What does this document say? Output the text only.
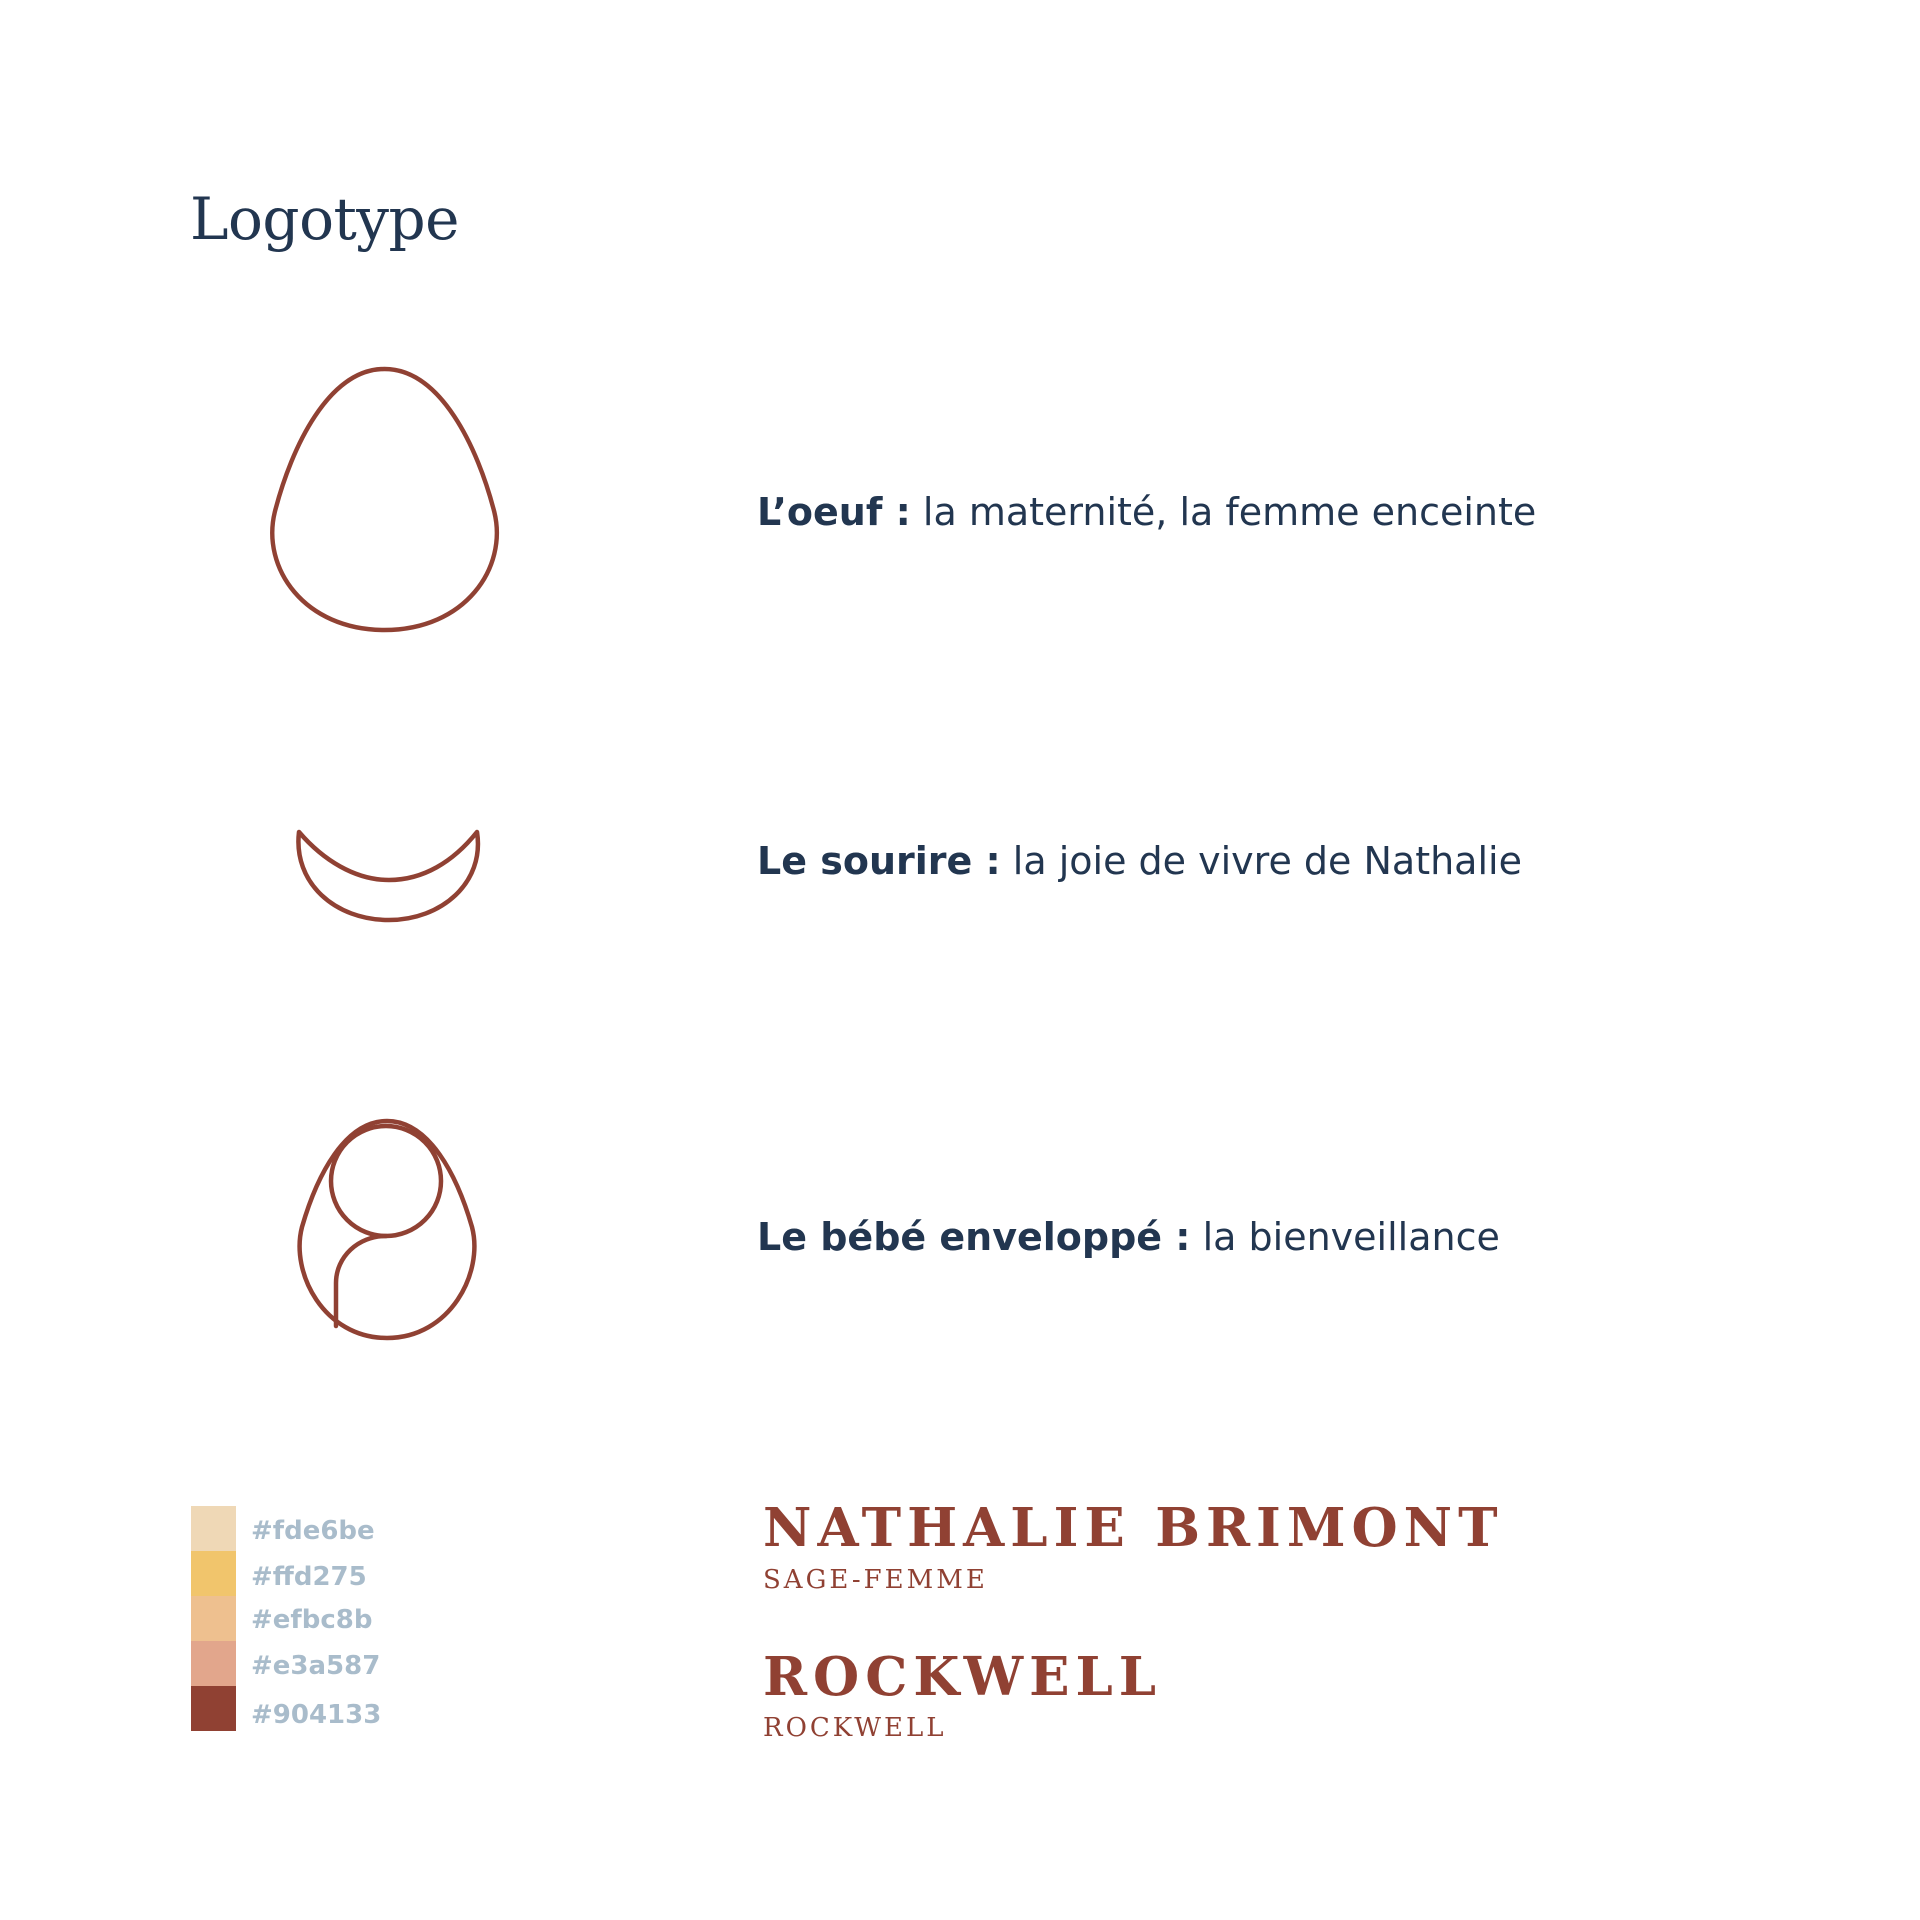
Logotype

L’oeuf : la maternité, la femme enceinte

Le sourire : la joie de vivre de Nathalie

Le bébé enveloppé : la bienveillance

#fde6be

#ffd275

#efbc8b

#e3a587

#904133

NATHALIE BRIMONT

SAGE-FEMME

ROCKWELL

ROCKWELL
